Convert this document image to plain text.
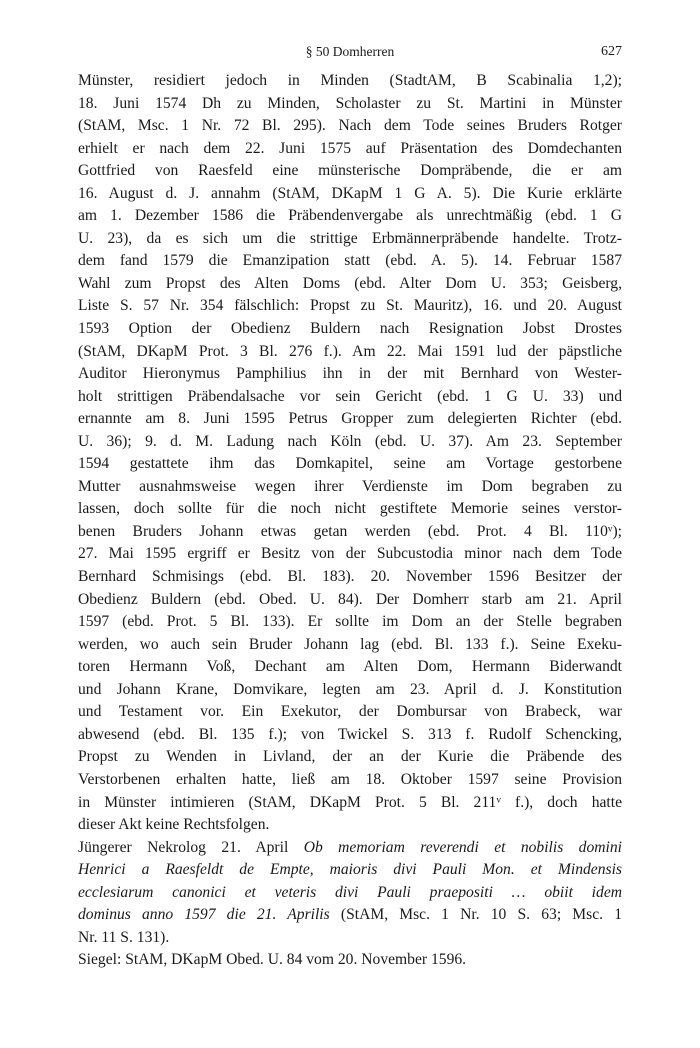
§ 50 Domherren	627
Münster, residiert jedoch in Minden (StadtAM, B Scabinalia 1,2);
18. Juni 1574 Dh zu Minden, Scholaster zu St. Martini in Münster
(StAM, Msc. 1 Nr. 72 Bl. 295). Nach dem Tode seines Bruders Rotger
erhielt er nach dem 22. Juni 1575 auf Präsentation des Domdechanten
Gottfried von Raesfeld eine münsterische Dompräbende, die er am
16. August d. J. annahm (StAM, DKapM 1 G A. 5). Die Kurie erklärte
am 1. Dezember 1586 die Präbendenvergabe als unrechtmäßig (ebd. 1 G
U. 23), da es sich um die strittige Erbmännerpräbende handelte. Trotz-
dem fand 1579 die Emanzipation statt (ebd. A. 5). 14. Februar 1587
Wahl zum Propst des Alten Doms (ebd. Alter Dom U. 353; Geisberg,
Liste S. 57 Nr. 354 fälschlich: Propst zu St. Mauritz), 16. und 20. August
1593 Option der Obedienz Buldern nach Resignation Jobst Drostes
(StAM, DKapM Prot. 3 Bl. 276 f.). Am 22. Mai 1591 lud der päpstliche
Auditor Hieronymus Pamphilius ihn in der mit Bernhard von Wester-
holt strittigen Präbendalsache vor sein Gericht (ebd. 1 G U. 33) und
ernannte am 8. Juni 1595 Petrus Gropper zum delegierten Richter (ebd.
U. 36); 9. d. M. Ladung nach Köln (ebd. U. 37). Am 23. September
1594 gestattete ihm das Domkapitel, seine am Vortage gestorbene
Mutter ausnahmsweise wegen ihrer Verdienste im Dom begraben zu
lassen, doch sollte für die noch nicht gestiftete Memorie seines verstor-
benen Bruders Johann etwas getan werden (ebd. Prot. 4 Bl. 110ᵛ);
27. Mai 1595 ergriff er Besitz von der Subcustodia minor nach dem Tode
Bernhard Schmisings (ebd. Bl. 183). 20. November 1596 Besitzer der
Obedienz Buldern (ebd. Obed. U. 84). Der Domherr starb am 21. April
1597 (ebd. Prot. 5 Bl. 133). Er sollte im Dom an der Stelle begraben
werden, wo auch sein Bruder Johann lag (ebd. Bl. 133 f.). Seine Exeku-
toren Hermann Voß, Dechant am Alten Dom, Hermann Biderwandt
und Johann Krane, Domvikare, legten am 23. April d. J. Konstitution
und Testament vor. Ein Exekutor, der Dombursar von Brabeck, war
abwesend (ebd. Bl. 135 f.); von Twickel S. 313 f. Rudolf Schencking,
Propst zu Wenden in Livland, der an der Kurie die Präbende des
Verstorbenen erhalten hatte, ließ am 18. Oktober 1597 seine Provision
in Münster intimieren (StAM, DKapM Prot. 5 Bl. 211ᵛ f.), doch hatte
dieser Akt keine Rechtsfolgen.
Jüngerer Nekrolog 21. April Ob memoriam reverendi et nobilis domini
Henrici a Raesfeldt de Empte, maioris divi Pauli Mon. et Mindensis
ecclesiarum canonici et veteris divi Pauli praepositi … obiit idem
dominus anno 1597 die 21. Aprilis (StAM, Msc. 1 Nr. 10 S. 63; Msc. 1
Nr. 11 S. 131).
Siegel: StAM, DKapM Obed. U. 84 vom 20. November 1596.
